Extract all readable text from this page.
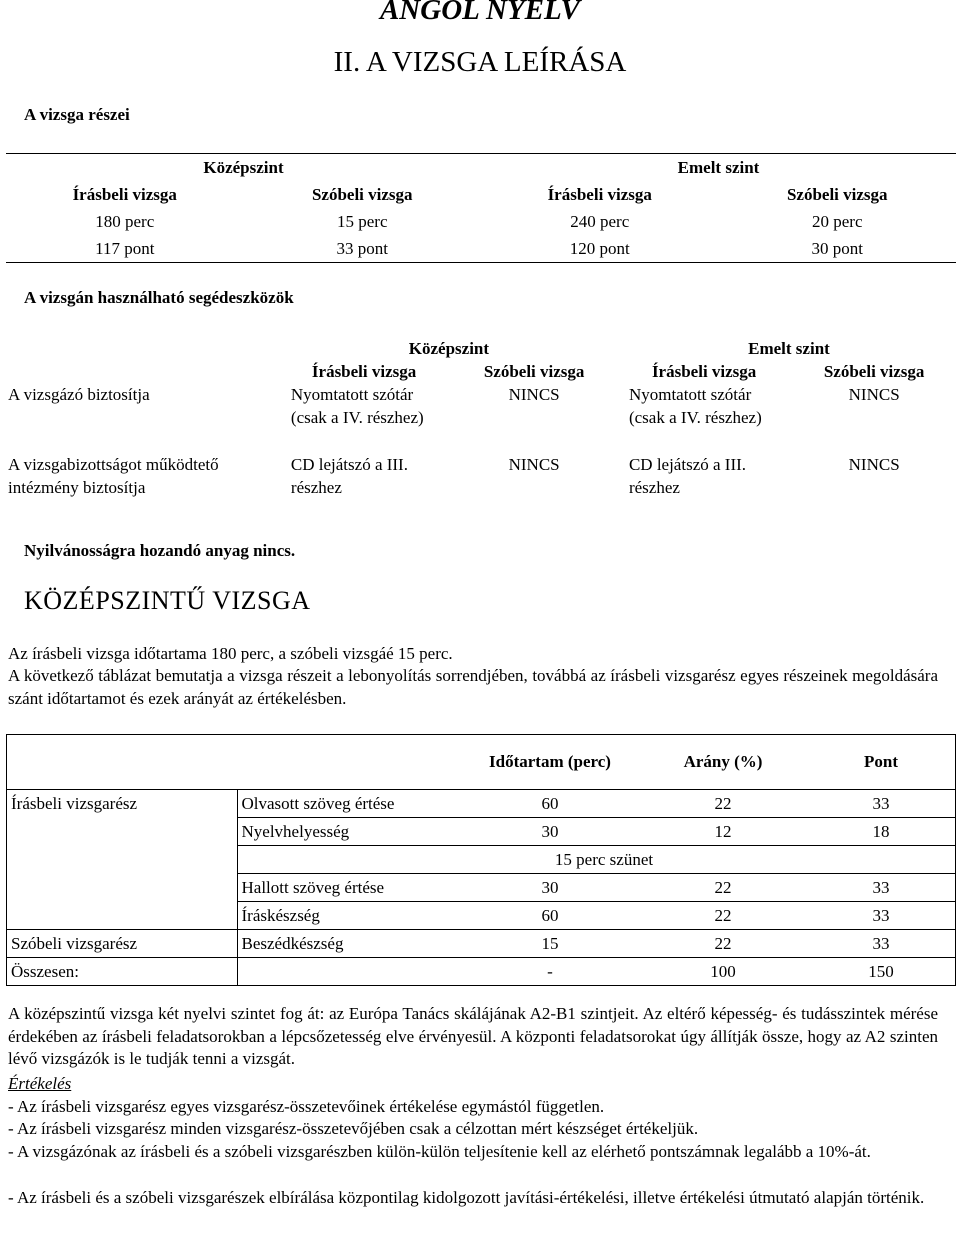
ANGOL NYELV
II. A VIZSGA LEÍRÁSA
A vizsga részei
Középszint		Emelt szint	
Írásbeli vizsga	Szóbeli vizsga	Írásbeli vizsga	Szóbeli vizsga
180 perc	15 perc	240 perc	20 perc
117 pont	33 pont	120 pont	30 pont
A vizsgán használható segédeszközök
	Középszint		Emelt szint	
	Írásbeli vizsga	Szóbeli vizsga	Írásbeli vizsga	Szóbeli vizsga
A vizsgázó biztosítja	Nyomtatott szótár (csak a IV. részhez)	NINCS	Nyomtatott szótár (csak a IV. részhez)	NINCS
A vizsgabizottságot működtető intézmény biztosítja	CD lejátszó a III. részhez	NINCS	CD lejátszó a III. részhez	NINCS
Nyilvánosságra hozandó anyag nincs.
KÖZÉPSZINTŰ VIZSGA
Az írásbeli vizsga időtartama 180 perc, a szóbeli vizsgáé 15 perc.
A következő táblázat bemutatja a vizsga részeit a lebonyolítás sorrendjében, továbbá az írásbeli vizsgarész egyes részeinek megoldására szánt időtartamot és ezek arányát az értékelésben.
		Időtartam (perc)	Arány (%)	Pont
Írásbeli vizsgarész	Olvasott szöveg értése	60	22	33
	Nyelvhelyesség	30	12	18
		15 perc szünet		
	Hallott szöveg értése	30	22	33
	Íráskészség	60	22	33
Szóbeli vizsgarész	Beszédkészség	15	22	33
Összesen:		-	100	150
A középszintű vizsga két nyelvi szintet fog át: az Európa Tanács skálájának A2-B1 szintjeit. Az eltérő képesség- és tudásszintek mérése érdekében az írásbeli feladatsorokban a lépcsőzetesség elve érvényesül. A központi feladatsorokat úgy állítják össze, hogy az A2 szinten lévő vizsgázók is le tudják tenni a vizsgát.
Értékelés
- Az írásbeli vizsgarész egyes vizsgarész-összetevőinek értékelése egymástól független.
- Az írásbeli vizsgarész minden vizsgarész-összetevőjében csak a célzottan mért készséget értékeljük.
- A vizsgázónak az írásbeli és a szóbeli vizsgarészben külön-külön teljesítenie kell az elérhető pontszámnak legalább a 10%-át.
- Az írásbeli és a szóbeli vizsgarészek elbírálása központilag kidolgozott javítási-értékelési, illetve értékelési útmutató alapján történik.
